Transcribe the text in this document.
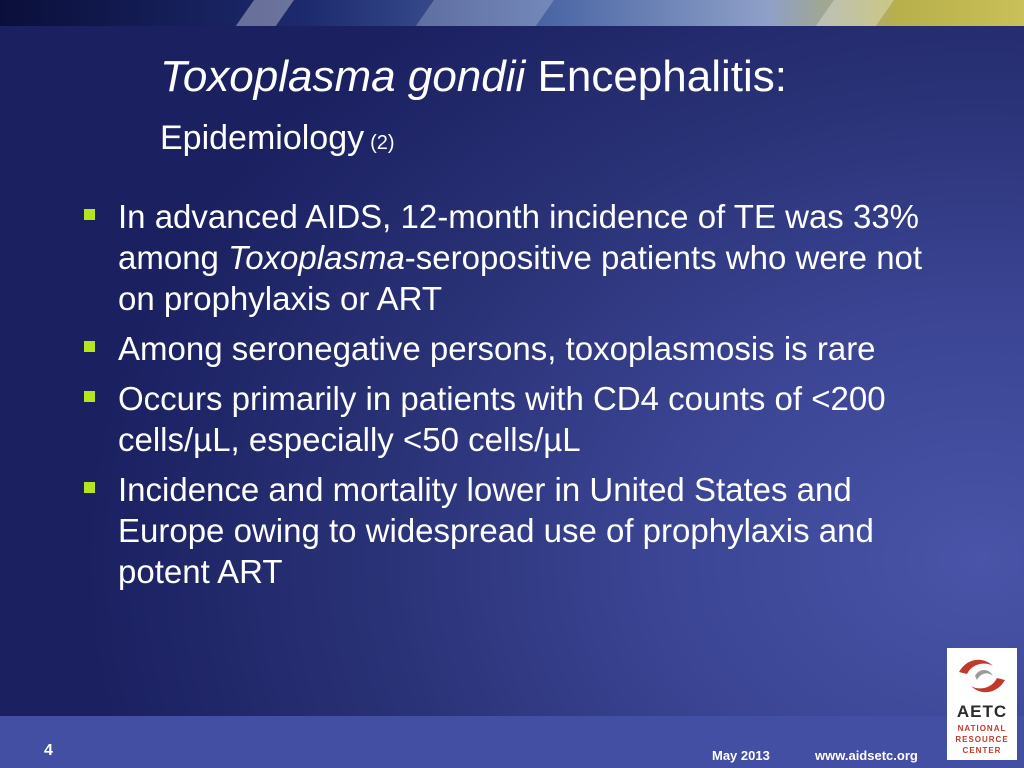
Toxoplasma gondii Encephalitis:
Epidemiology (2)
In advanced AIDS, 12-month incidence of TE was 33% among Toxoplasma-seropositive patients who were not on prophylaxis or ART
Among seronegative persons, toxoplasmosis is rare
Occurs primarily in patients with CD4 counts of <200 cells/µL, especially <50 cells/µL
Incidence and mortality lower in United States and Europe owing to widespread use of prophylaxis and potent ART
4	May 2013	www.aidsetc.org
AETC
NATIONAL
RESOURCE
CENTER
